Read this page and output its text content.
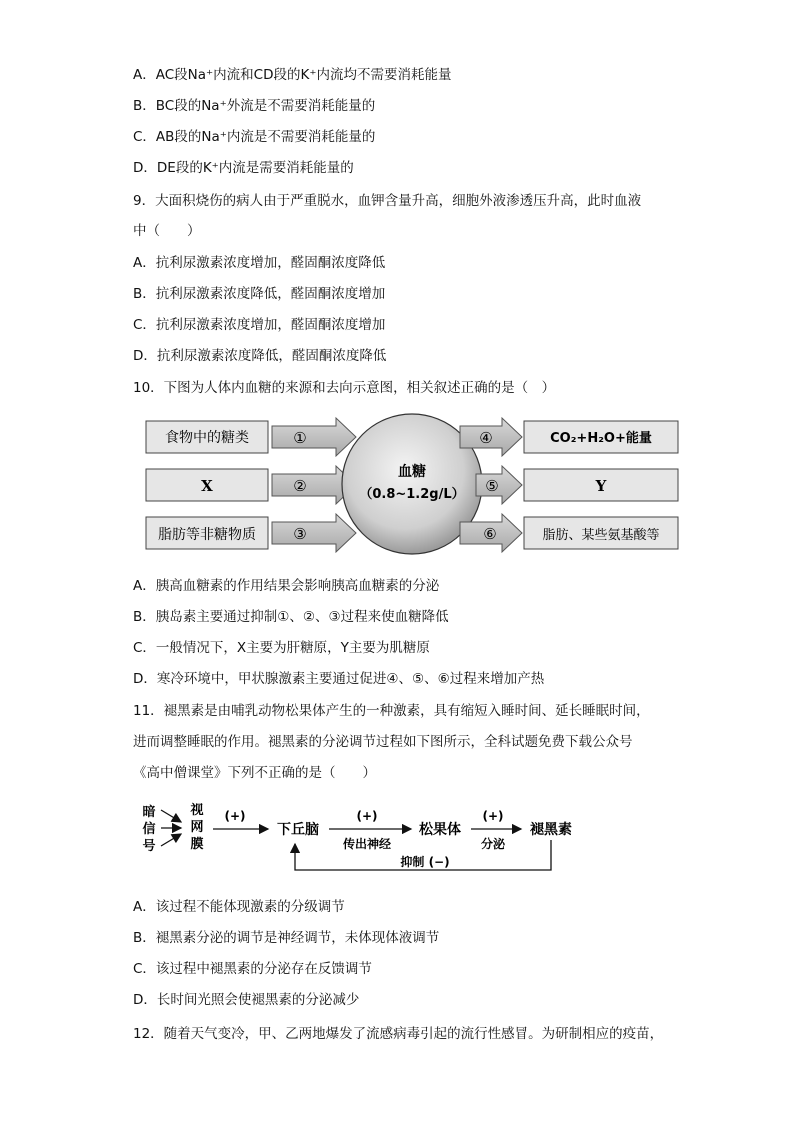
A．AC段Na⁺内流和CD段的K⁺内流均不需要消耗能量
B．BC段的Na⁺外流是不需要消耗能量的
C．AB段的Na⁺内流是不需要消耗能量的
D．DE段的K⁺内流是需要消耗能量的
9．大面积烧伤的病人由于严重脱水，血钾含量升高，细胞外液渗透压升高，此时血液
中（　　）
A．抗利尿激素浓度增加，醛固酮浓度降低
B．抗利尿激素浓度降低，醛固酮浓度增加
C．抗利尿激素浓度增加，醛固酮浓度增加
D．抗利尿激素浓度降低，醛固酮浓度降低
10．下图为人体内血糖的来源和去向示意图，相关叙述正确的是（　）
食物中的糖类
X
脂肪等非糖物质
①
②
③
血糖
（0.8~1.2g/L）
④
⑤
⑥
CO₂+H₂O+能量
Y
脂肪、某些氨基酸等
A．胰高血糖素的作用结果会影响胰高血糖素的分泌
B．胰岛素主要通过抑制①、②、③过程来使血糖降低
C．一般情况下，X主要为肝糖原，Y主要为肌糖原
D．寒冷环境中，甲状腺激素主要通过促进④、⑤、⑥过程来增加产热
11．褪黑素是由哺乳动物松果体产生的一种激素，具有缩短入睡时间、延长睡眠时间，
进而调整睡眠的作用。褪黑素的分泌调节过程如下图所示，全科试题免费下载公众号
《高中僧课堂》下列不正确的是（　　）
暗
信
号
视
网
膜
(+)
下丘脑
(+)
传出神经
松果体
(+)
分泌
褪黑素
抑制 (−)
A．该过程不能体现激素的分级调节
B．褪黑素分泌的调节是神经调节，未体现体液调节
C．该过程中褪黑素的分泌存在反馈调节
D．长时间光照会使褪黑素的分泌减少
12．随着天气变冷，甲、乙两地爆发了流感病毒引起的流行性感冒。为研制相应的疫苗，
